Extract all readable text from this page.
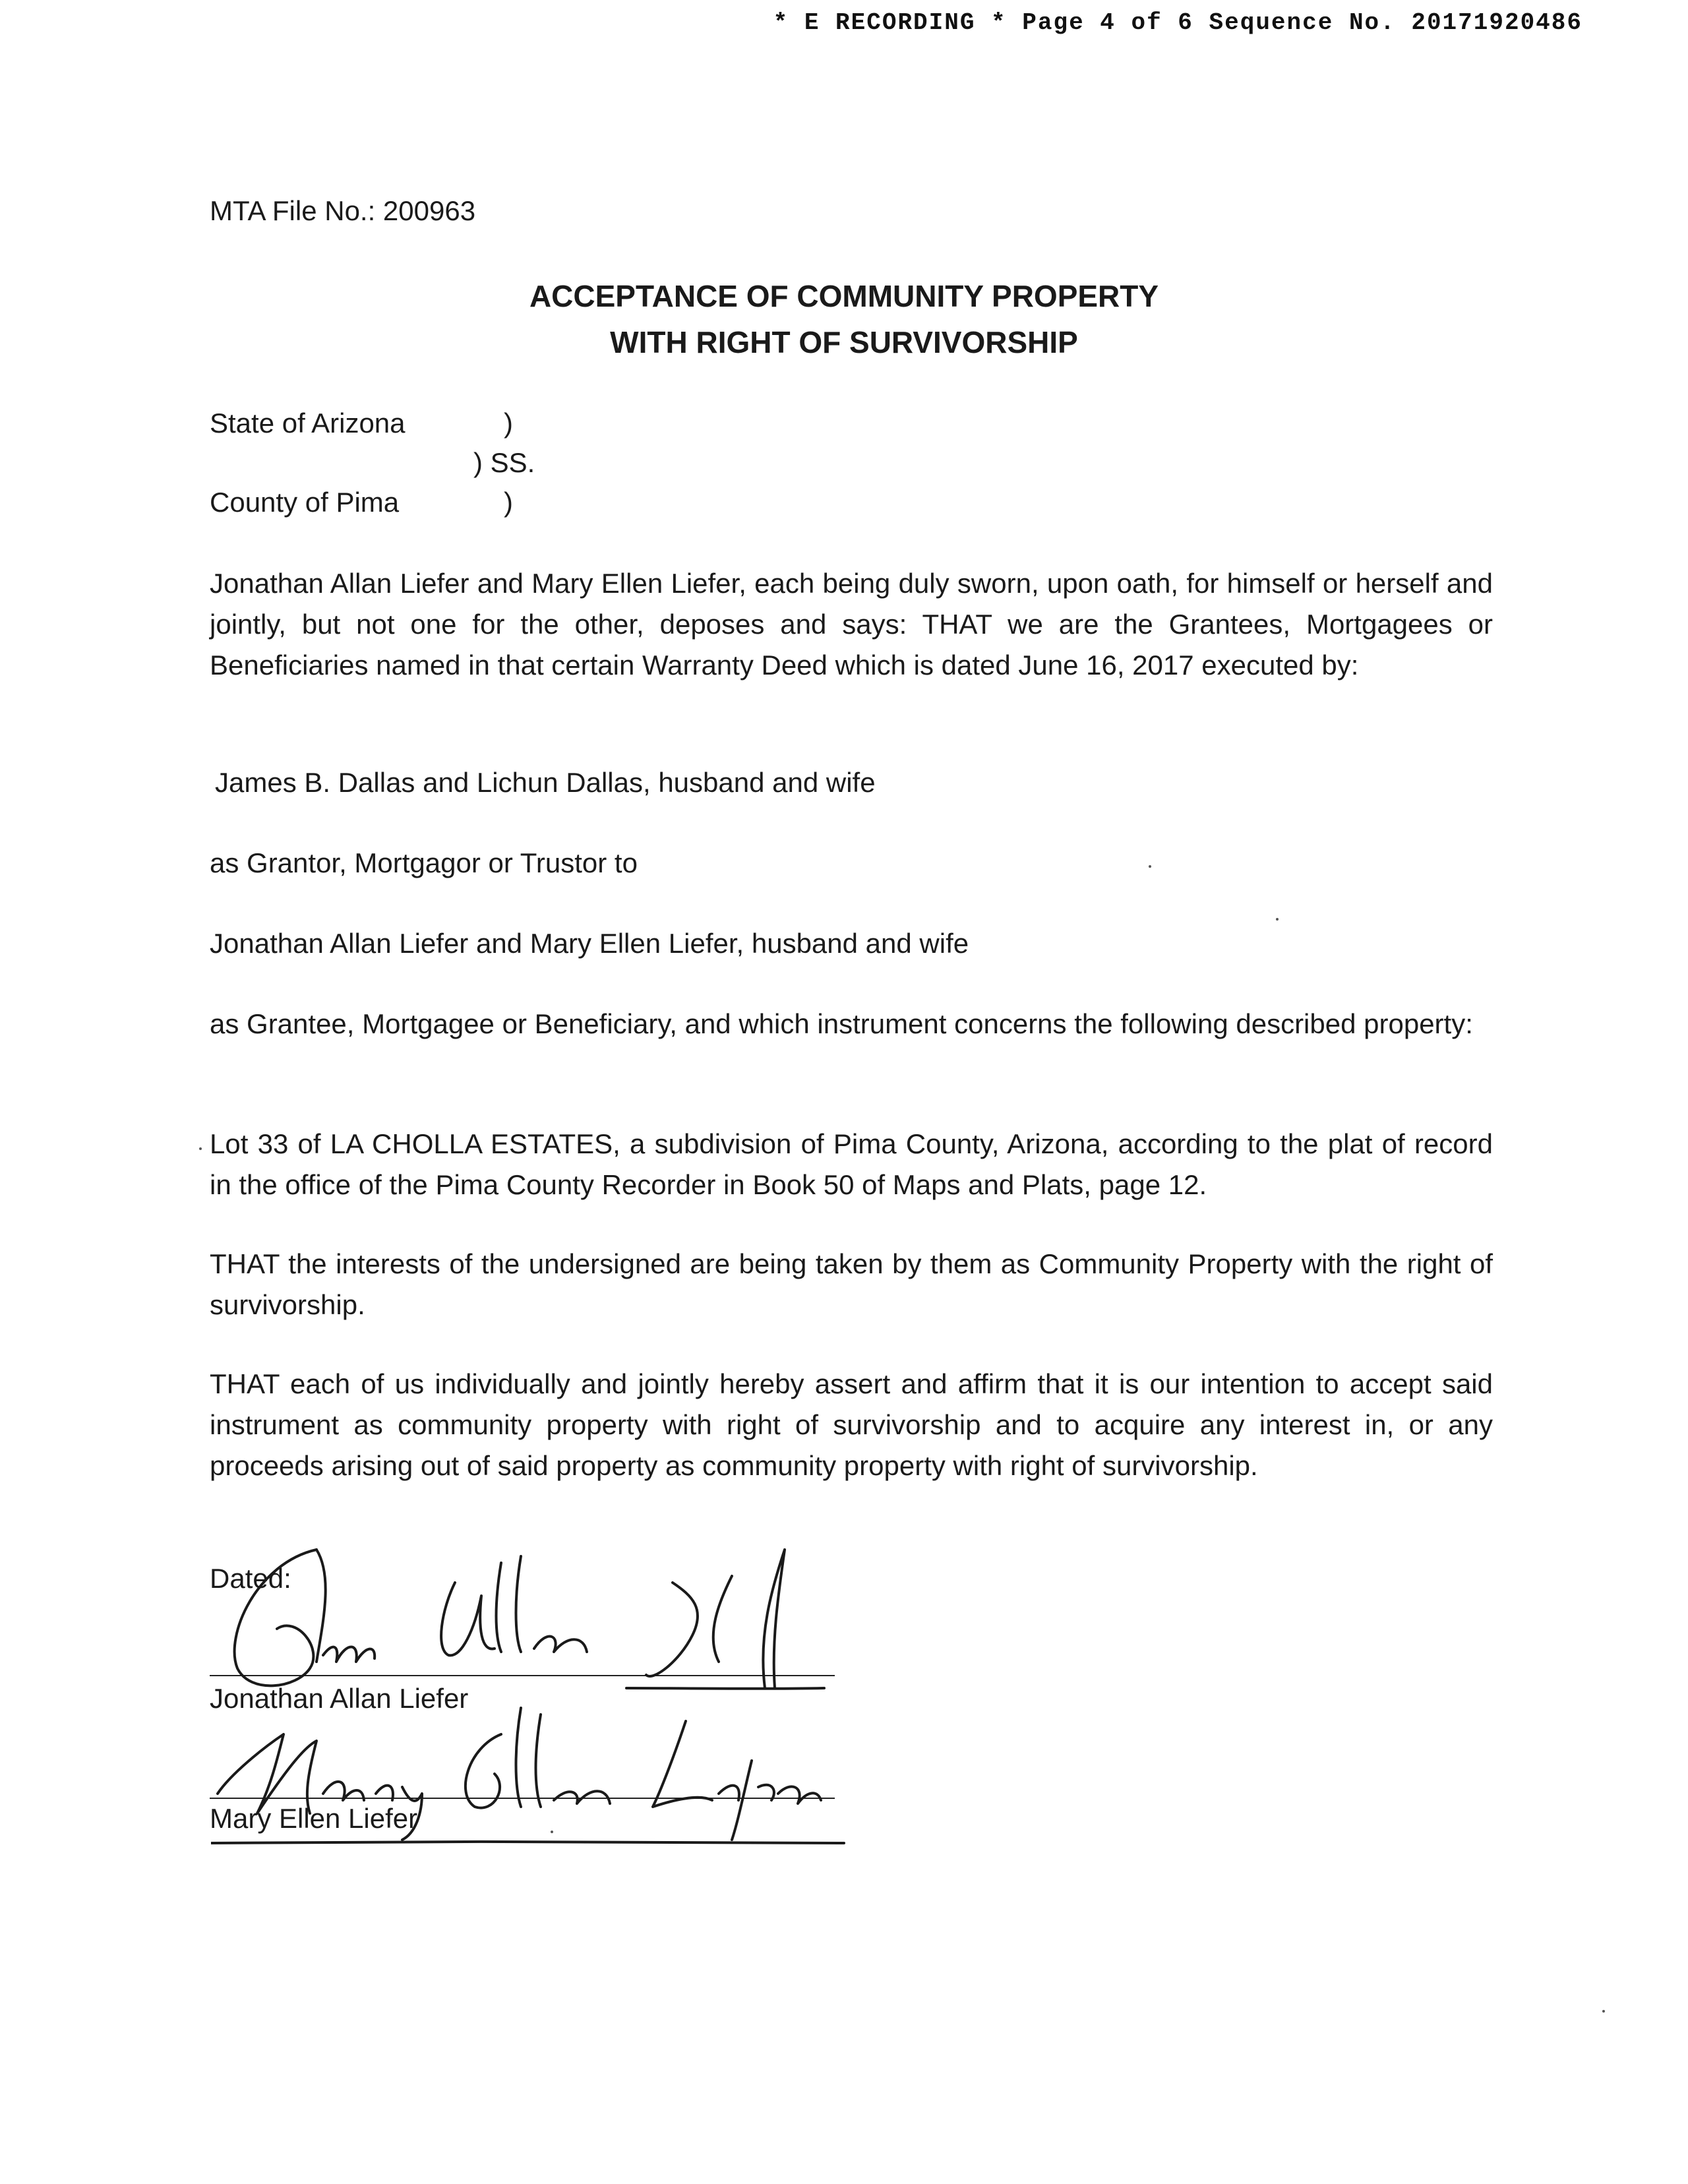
* E RECORDING * Page 4 of 6 Sequence No. 20171920486
MTA File No.: 200963
ACCEPTANCE OF COMMUNITY PROPERTY
WITH RIGHT OF SURVIVORSHIP
State of Arizona	)
) SS.
County of Pima	)
Jonathan Allan Liefer and Mary Ellen Liefer, each being duly sworn, upon oath, for himself or herself and jointly, but not one for the other, deposes and says: THAT we are the Grantees, Mortgagees or Beneficiaries named in that certain Warranty Deed which is dated June 16, 2017 executed by:
James B. Dallas and Lichun Dallas, husband and wife
as Grantor, Mortgagor or Trustor to
Jonathan Allan Liefer and Mary Ellen Liefer, husband and wife
as Grantee, Mortgagee or Beneficiary, and which instrument concerns the following described property:
Lot 33 of LA CHOLLA ESTATES, a subdivision of Pima County, Arizona, according to the plat of record in the office of the Pima County Recorder in Book 50 of Maps and Plats, page 12.
THAT the interests of the undersigned are being taken by them as Community Property with the right of survivorship.
THAT each of us individually and jointly hereby assert and affirm that it is our intention to accept said instrument as community property with right of survivorship and to acquire any interest in, or any proceeds arising out of said property as community property with right of survivorship.
Dated:
Jonathan Allan Liefer
Mary Ellen Liefer
